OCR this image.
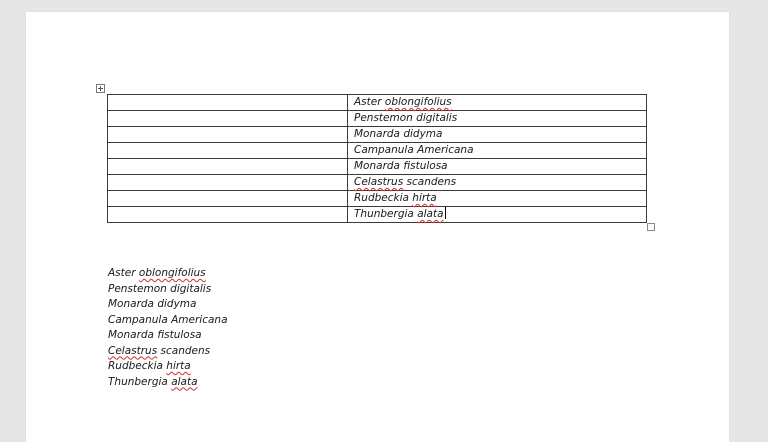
	Aster oblongifolius
	Penstemon digitalis
	Monarda didyma
	Campanula Americana
	Monarda fistulosa
	Celastrus scandens
	Rudbeckia hirta
	Thunbergia alata
Aster oblongifolius
Penstemon digitalis
Monarda didyma
Campanula Americana
Monarda fistulosa
Celastrus scandens
Rudbeckia hirta
Thunbergia alata
